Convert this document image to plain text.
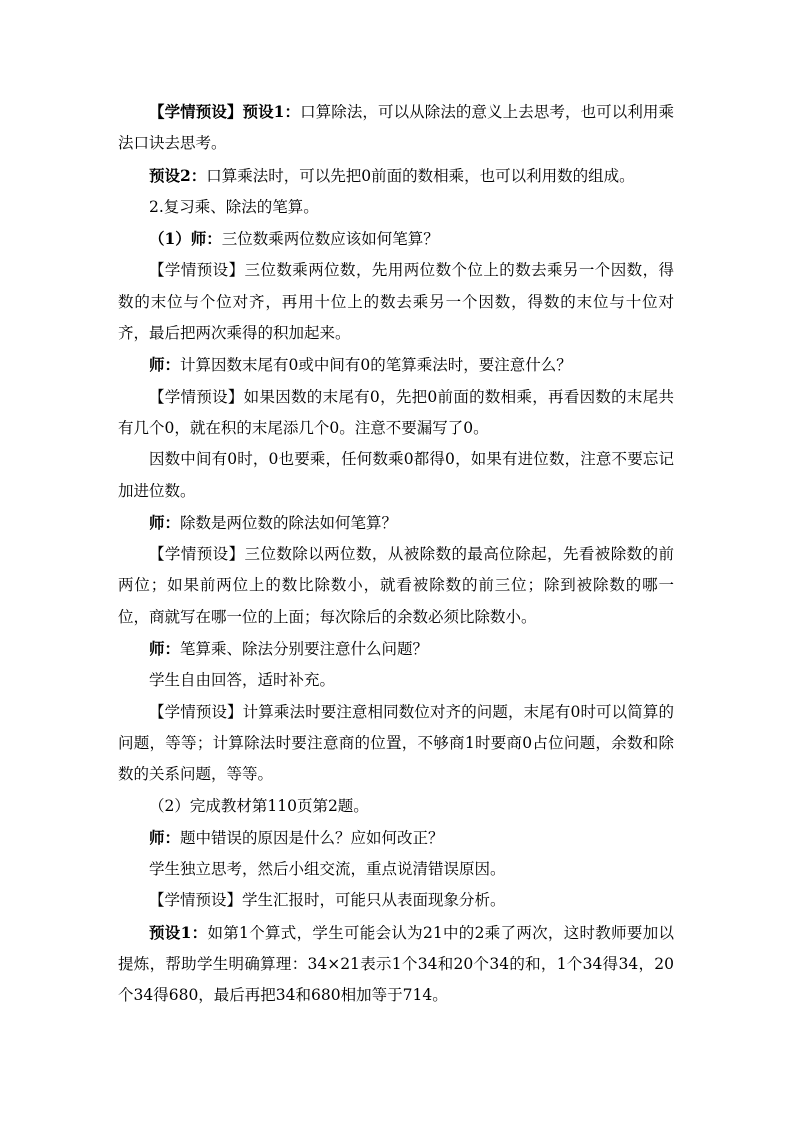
【学情预设】预设1：口算除法，可以从除法的意义上去思考，也可以利用乘法口诀去思考。

预设2：口算乘法时，可以先把0前面的数相乘，也可以利用数的组成。

2.复习乘、除法的笔算。

（1）师：三位数乘两位数应该如何笔算？

【学情预设】三位数乘两位数，先用两位数个位上的数去乘另一个因数，得数的末位与个位对齐，再用十位上的数去乘另一个因数，得数的末位与十位对齐，最后把两次乘得的积加起来。

师：计算因数末尾有0或中间有0的笔算乘法时，要注意什么？

【学情预设】如果因数的末尾有0，先把0前面的数相乘，再看因数的末尾共有几个0，就在积的末尾添几个0。注意不要漏写了0。

因数中间有0时，0也要乘，任何数乘0都得0，如果有进位数，注意不要忘记加进位数。

师：除数是两位数的除法如何笔算？

【学情预设】三位数除以两位数，从被除数的最高位除起，先看被除数的前两位；如果前两位上的数比除数小，就看被除数的前三位；除到被除数的哪一位，商就写在哪一位的上面；每次除后的余数必须比除数小。

师：笔算乘、除法分别要注意什么问题？

学生自由回答，适时补充。

【学情预设】计算乘法时要注意相同数位对齐的问题，末尾有0时可以简算的问题，等等；计算除法时要注意商的位置，不够商1时要商0占位问题，余数和除数的关系问题，等等。

（2）完成教材第110页第2题。

师：题中错误的原因是什么？应如何改正？

学生独立思考，然后小组交流，重点说清错误原因。

【学情预设】学生汇报时，可能只从表面现象分析。

预设1：如第1个算式，学生可能会认为21中的2乘了两次，这时教师要加以提炼，帮助学生明确算理：34×21表示1个34和20个34的和，1个34得34，20个34得680，最后再把34和680相加等于714。
